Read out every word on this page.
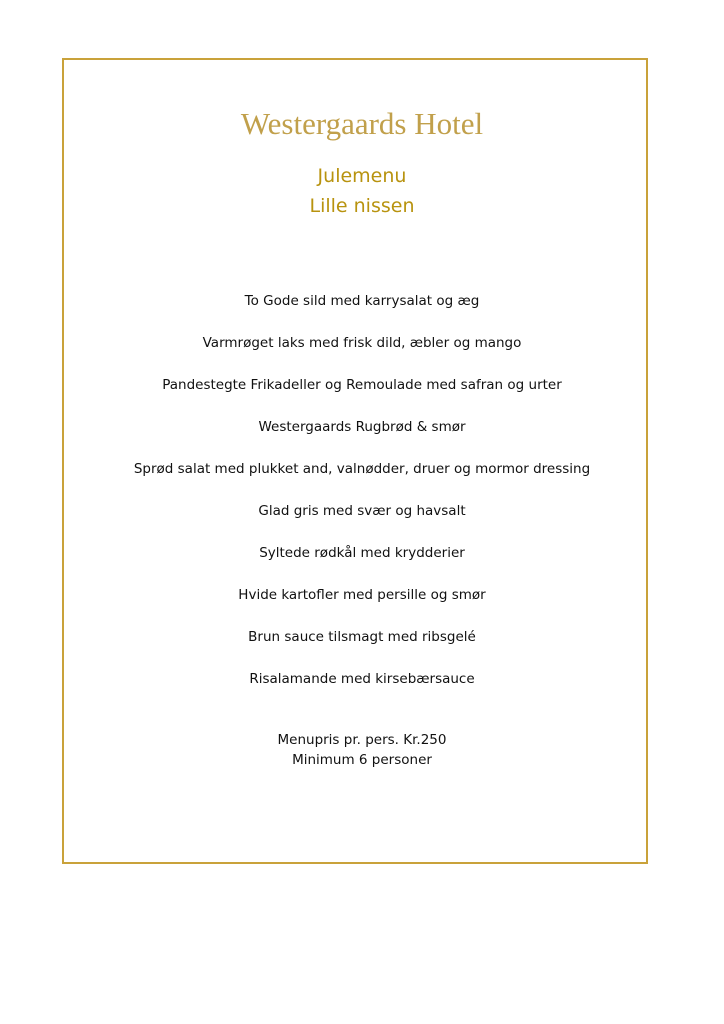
Westergaards Hotel
Julemenu
Lille nissen
To Gode sild med karrysalat og æg
Varmrøget laks med frisk dild, æbler og mango
Pandestegte Frikadeller og Remoulade med safran og urter
Westergaards Rugbrød & smør
Sprød salat med plukket and, valnødder, druer og mormor dressing
Glad gris med svær og havsalt
Syltede rødkål med krydderier
Hvide kartofler med persille og smør
Brun sauce tilsmagt med ribsgelé
Risalamande med kirsebærsauce
Menupris pr. pers. Kr.250
Minimum 6 personer
